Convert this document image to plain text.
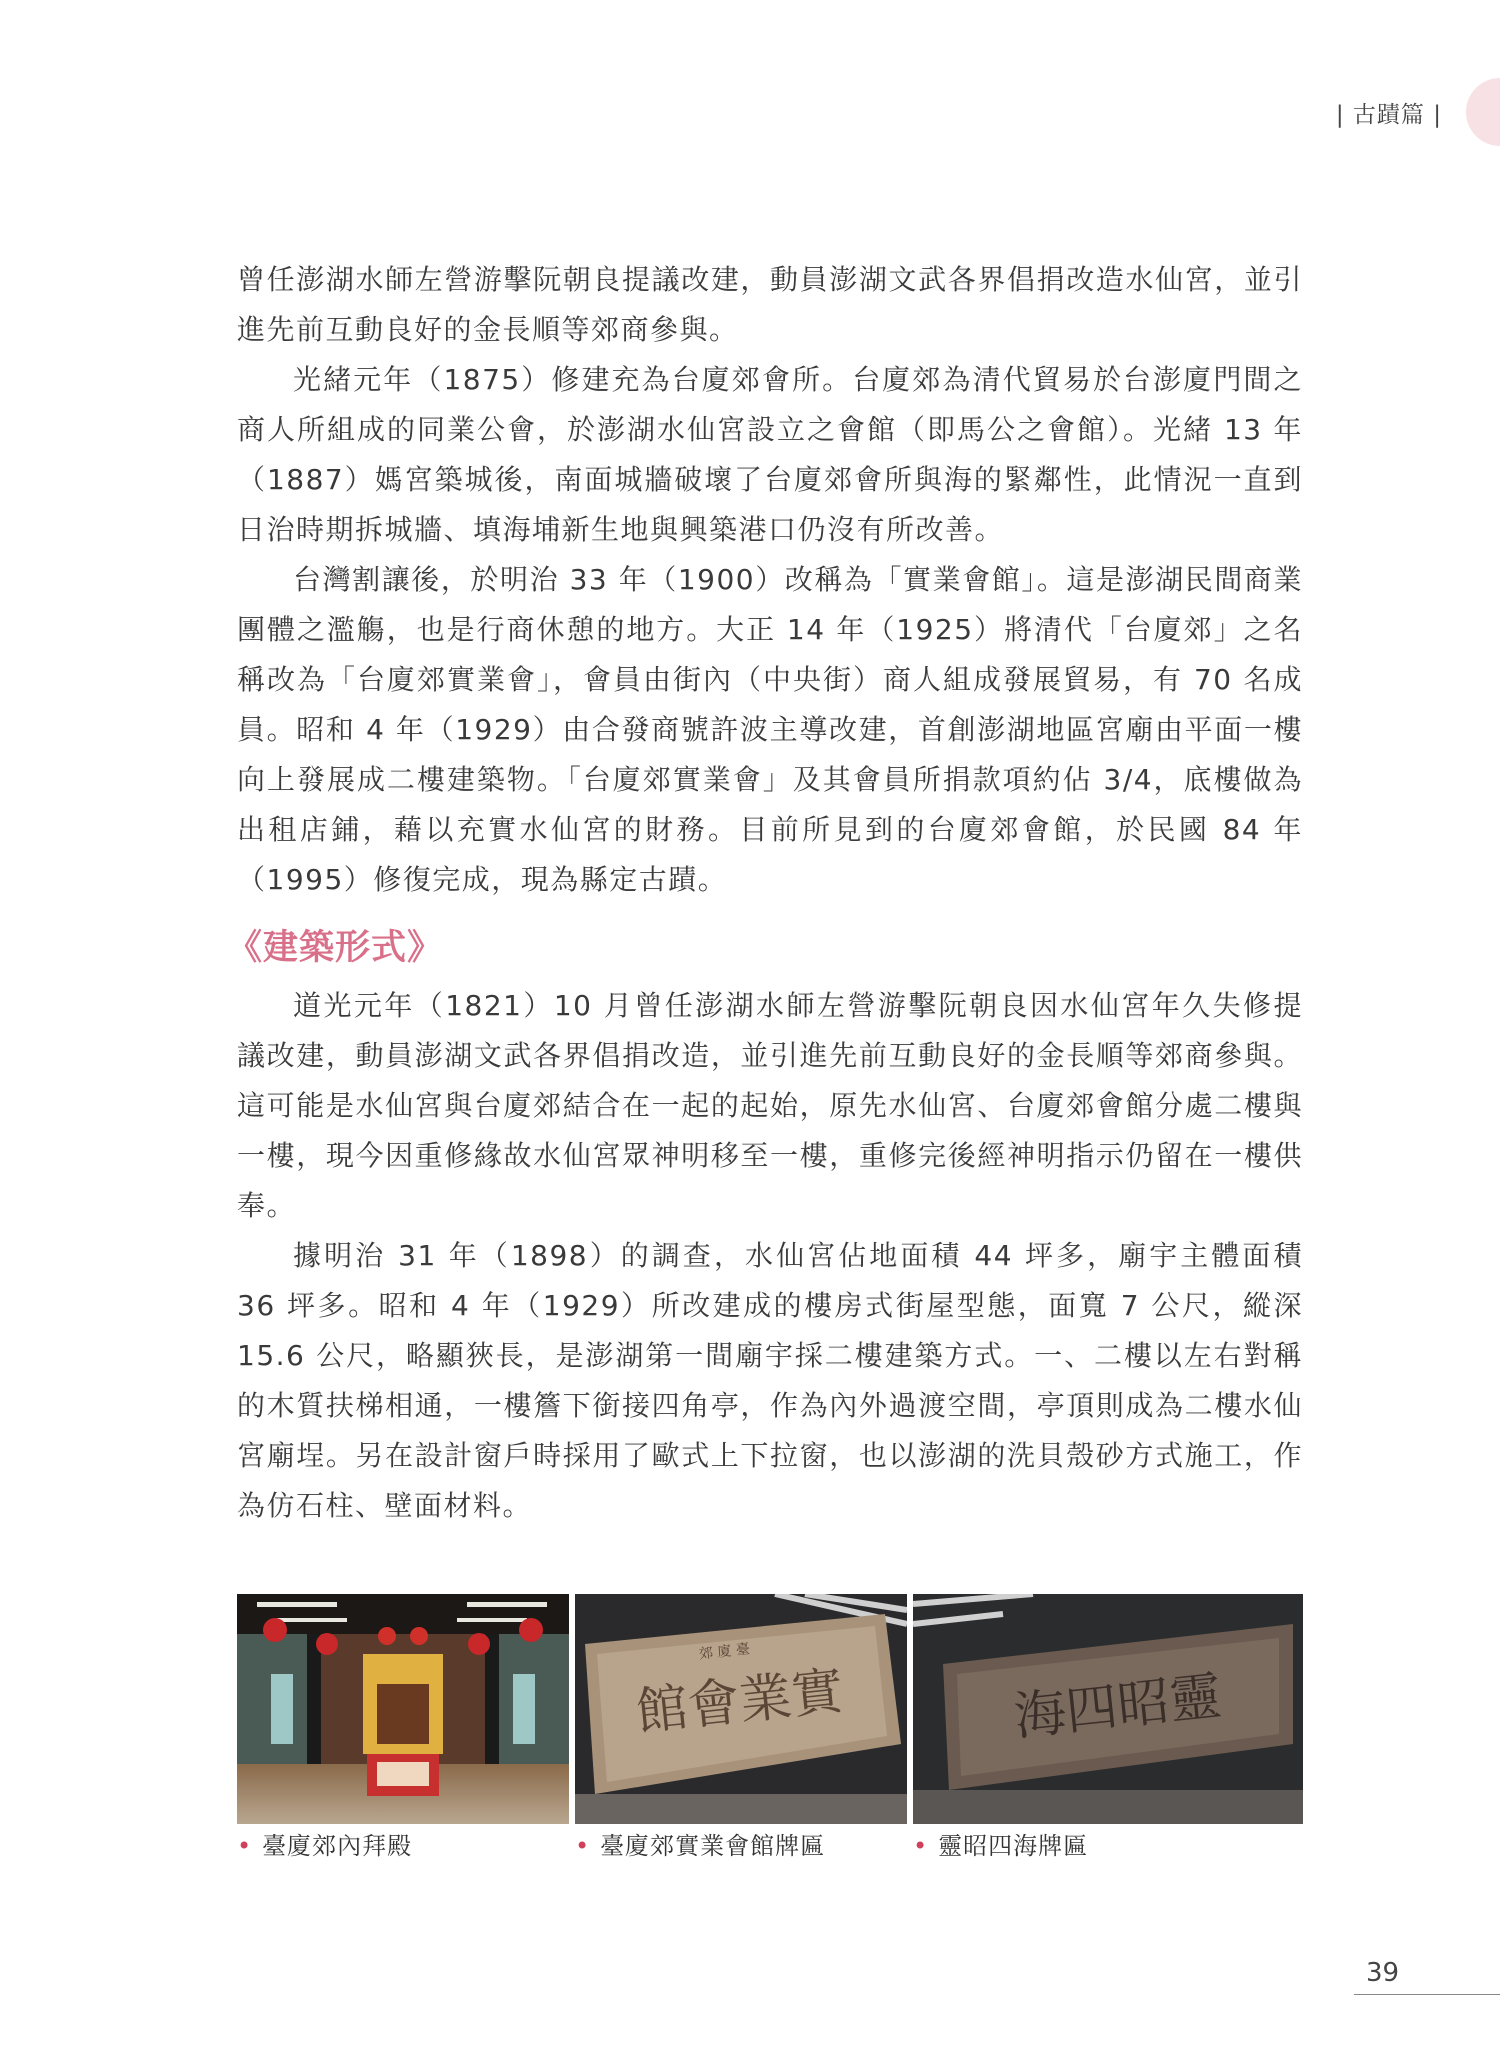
| 古蹟篇 |

曾任澎湖水師左營游擊阮朝良提議改建，動員澎湖文武各界倡捐改造水仙宮，並引進先前互動良好的金長順等郊商參與。

光緒元年（1875）修建充為台廈郊會所。台廈郊為清代貿易於台澎廈門間之商人所組成的同業公會，於澎湖水仙宮設立之會館（即馬公之會館）。光緒 13 年（1887）媽宮築城後，南面城牆破壞了台廈郊會所與海的緊鄰性，此情況一直到日治時期拆城牆、填海埔新生地與興築港口仍沒有所改善。

台灣割讓後，於明治 33 年（1900）改稱為「實業會館」。這是澎湖民間商業團體之濫觴，也是行商休憩的地方。大正 14 年（1925）將清代「台廈郊」之名稱改為「台廈郊實業會」，會員由街內（中央街）商人組成發展貿易，有 70 名成員。昭和 4 年（1929）由合發商號許波主導改建，首創澎湖地區宮廟由平面一樓向上發展成二樓建築物。「台廈郊實業會」及其會員所捐款項約佔 3/4，底樓做為出租店鋪，藉以充實水仙宮的財務。目前所見到的台廈郊會館，於民國 84 年（1995）修復完成，現為縣定古蹟。

《建築形式》

道光元年（1821）10 月曾任澎湖水師左營游擊阮朝良因水仙宮年久失修提議改建，動員澎湖文武各界倡捐改造，並引進先前互動良好的金長順等郊商參與。這可能是水仙宮與台廈郊結合在一起的起始，原先水仙宮、台廈郊會館分處二樓與一樓，現今因重修緣故水仙宮眾神明移至一樓，重修完後經神明指示仍留在一樓供奉。

據明治 31 年（1898）的調查，水仙宮佔地面積 44 坪多，廟宇主體面積 36 坪多。昭和 4 年（1929）所改建成的樓房式街屋型態，面寬 7 公尺，縱深 15.6 公尺，略顯狹長，是澎湖第一間廟宇採二樓建築方式。一、二樓以左右對稱的木質扶梯相通，一樓簷下銜接四角亭，作為內外過渡空間，亭頂則成為二樓水仙宮廟埕。另在設計窗戶時採用了歐式上下拉窗，也以澎湖的洗貝殼砂方式施工，作為仿石柱、壁面材料。

館會業實
郊 廈 臺
海四昭靈
• 臺廈郊內拜殿	• 臺廈郊實業會館牌匾	• 靈昭四海牌匾
39
